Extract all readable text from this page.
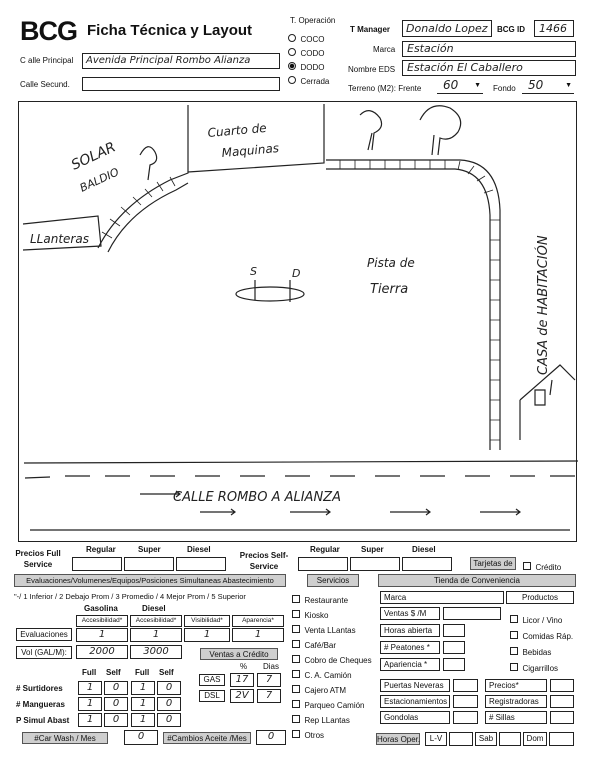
BCG Ficha Técnica y Layout
C alle Principal Avenida Principal Rombo Alianza
Calle Secund.
T. Operación
COCO
CODO
DODO
Cerrada
T Manager Donaldo Lopez BCG ID 1466
Marca Estación
Nombre EDS Estación El Caballero
Terreno (M2): Frente 60 ▼ Fondo 50	▼
SOLAR
BALDIO
Cuarto de
Maquinas
LLanteras
Pista de
Tierra
S	D	CASA de HABITACIÓN
CALLE ROMBO A ALIANZA
Precios Full Service
Regular	Super	Diesel
Precios Self-Service
Regular	Super	Diesel
Tarjetas de	Crédito
Evaluaciones/Volumenes/Equipos/Posiciones Simultaneas Abastecimiento
"-/ 1 Inferior / 2 Debajo Prom / 3 Promedio / 4 Mejor Prom / 5 Superior
Gasolina	Diesel
Accesibilidad*	Accesibilidad*	Visibilidad*	Aparencia*
Evaluaciones	1	1	1	1
Vol (GAL/M):	2000	3000	Ventas a Crédito
% Dias
GAS	17	7
DSL	2V	7
Full Self Full Self
# Surtidores	1	0	1	0
# Mangueras	1	0	1	0
P Simul Abast	1	0	1	0
#Car Wash / Mes	0	#Cambios Aceite /Mes	0
Servicios
Restaurante
Kiosko
Venta LLantas
Café/Bar
Cobro de Cheques
C. A. Camión
Cajero ATM
Parqueo Camión
Rep LLantas
Otros
Tienda de Conveniencia
Marca	Productos
Ventas $ /M
Horas abierta
# Peatones *
Apariencia *
Licor / Vino
Comidas Ráp.
Bebidas
Cigarrillos
Puertas Neveras
Estacionamientos
Gondolas
Precios*
Registradoras
# Sillas
Horas Oper.	L-V	Sab	Dom
